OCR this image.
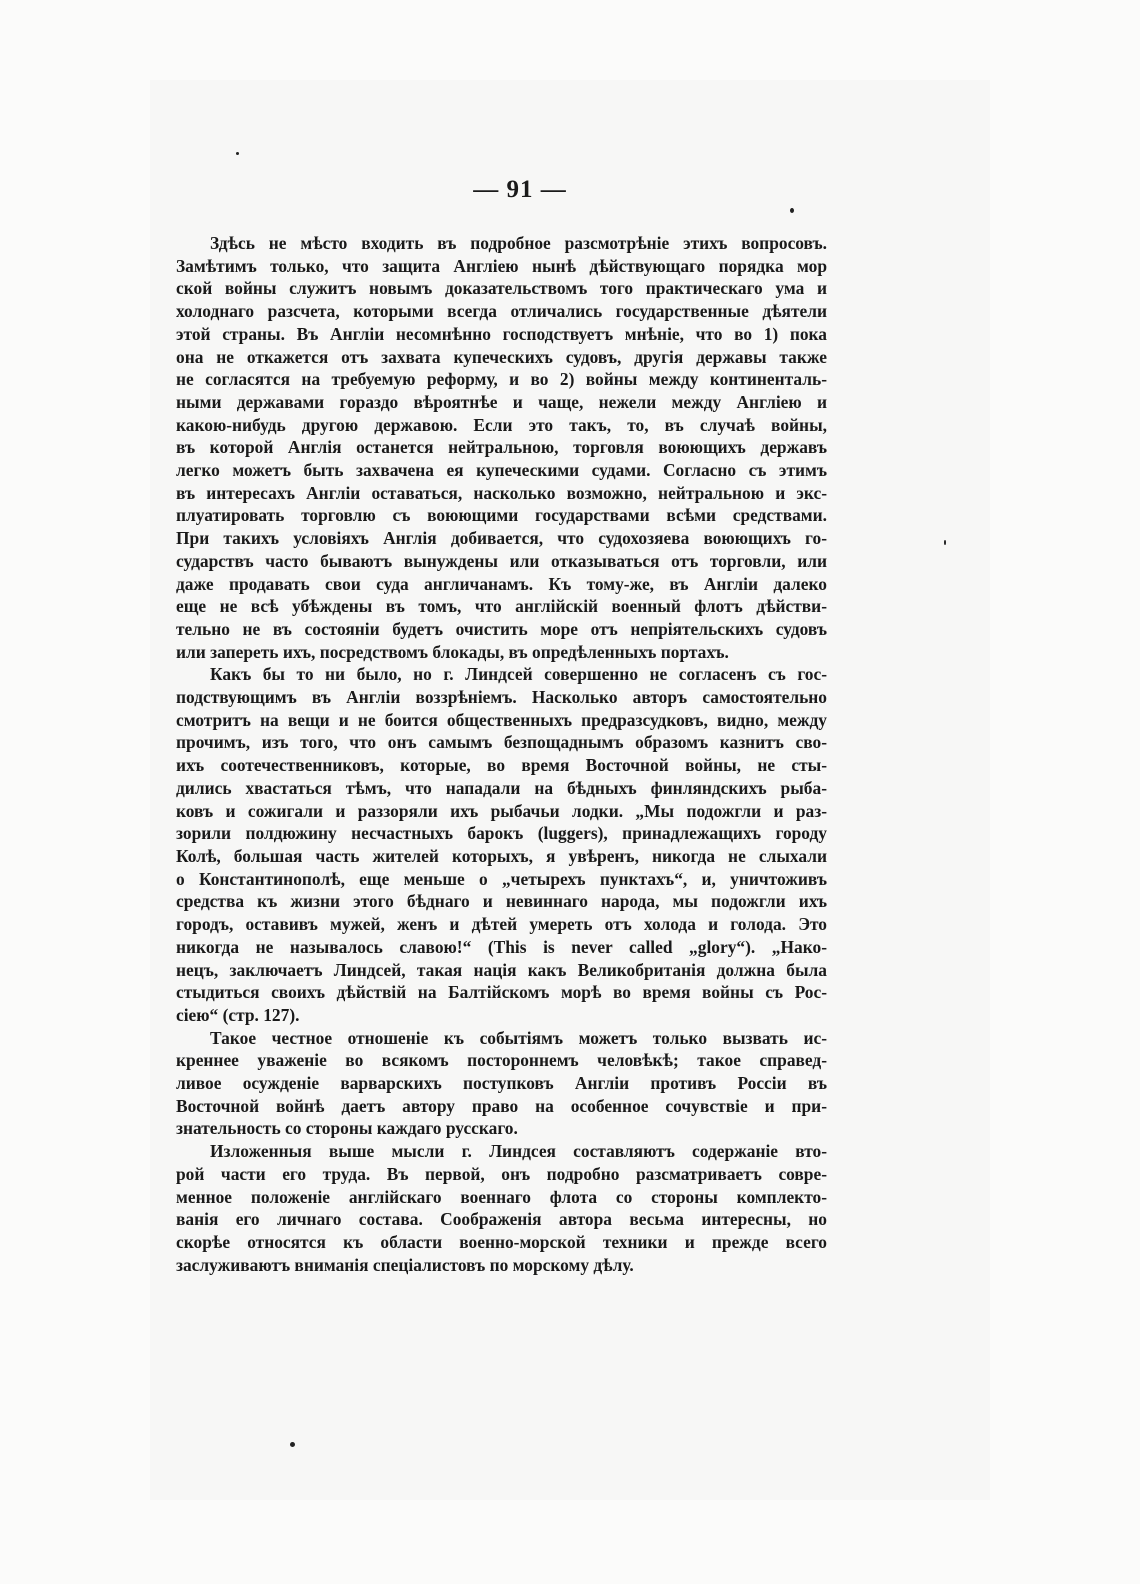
— 91 —
Здѣсь не мѣсто входить въ подробное разсмотрѣніе этихъ вопросовъ.
Замѣтимъ только, что защита Англіею нынѣ дѣйствующаго порядка мор
ской войны служитъ новымъ доказательствомъ того практическаго ума и
холоднаго разсчета, которыми всегда отличались государственные дѣятели
этой страны. Въ Англіи несомнѣнно господствуетъ мнѣніе, что во 1) пока
она не откажется отъ захвата купеческихъ судовъ, другія державы также
не согласятся на требуемую реформу, и во 2) войны между континенталь-
ными державами гораздо вѣроятнѣе и чаще, нежели между Англіею и
какою-нибудь другою державою. Если это такъ, то, въ случаѣ войны,
въ которой Англія останется нейтральною, торговля воюющихъ державъ
легко можетъ быть захвачена ея купеческими судами. Согласно съ этимъ
въ интересахъ Англіи оставаться, насколько возможно, нейтральною и экс-
плуатировать торговлю съ воюющими государствами всѣми средствами.
При такихъ условіяхъ Англія добивается, что судохозяева воюющихъ го-
сударствъ часто бываютъ вынуждены или отказываться отъ торговли, или
даже продавать свои суда англичанамъ. Къ тому-же, въ Англіи далеко
еще не всѣ убѣждены въ томъ, что англійскій военный флотъ дѣйстви-
тельно не въ состояніи будетъ очистить море отъ непріятельскихъ судовъ
или запереть ихъ, посредствомъ блокады, въ опредѣленныхъ портахъ.
Какъ бы то ни было, но г. Линдсей совершенно не согласенъ съ гос-
подствующимъ въ Англіи воззрѣніемъ. Насколько авторъ самостоятельно
смотритъ на вещи и не боится общественныхъ предразсудковъ, видно, между
прочимъ, изъ того, что онъ самымъ безпощаднымъ образомъ казнитъ сво-
ихъ соотечественниковъ, которые, во время Восточной войны, не сты-
дились хвастаться тѣмъ, что нападали на бѣдныхъ финляндскихъ рыба-
ковъ и сожигали и раззоряли ихъ рыбачьи лодки. „Мы подожгли и раз-
зорили полдюжину несчастныхъ барокъ (luggers), принадлежащихъ городу
Колѣ, большая часть жителей которыхъ, я увѣренъ, никогда не слыхали
о Константинополѣ, еще меньше о „четырехъ пунктахъ“, и, уничтоживъ
средства къ жизни этого бѣднаго и невиннаго народа, мы подожгли ихъ
городъ, оставивъ мужей, женъ и дѣтей умереть отъ холода и голода. Это
никогда не называлось славою!“ (This is never called „glory“). „Нако-
нецъ, заключаетъ Линдсей, такая нація какъ Великобританія должна была
стыдиться своихъ дѣйствій на Балтійскомъ морѣ во время войны съ Рос-
сіею“ (стр. 127).
Такое честное отношеніе къ событіямъ можетъ только вызвать ис-
креннее уваженіе во всякомъ постороннемъ человѣкѣ; такое справед-
ливое осужденіе варварскихъ поступковъ Англіи противъ Россіи въ
Восточной войнѣ даетъ автору право на особенное сочувствіе и при-
знательность со стороны каждаго русскаго.
Изложенныя выше мысли г. Линдсея составляютъ содержаніе вто-
рой части его труда. Въ первой, онъ подробно разсматриваетъ совре-
менное положеніе англійскаго военнаго флота со стороны комплекто-
ванія его личнаго состава. Соображенія автора весьма интересны, но
скорѣе относятся къ области военно-морской техники и прежде всего
заслуживаютъ вниманія спеціалистовъ по морскому дѣлу.
